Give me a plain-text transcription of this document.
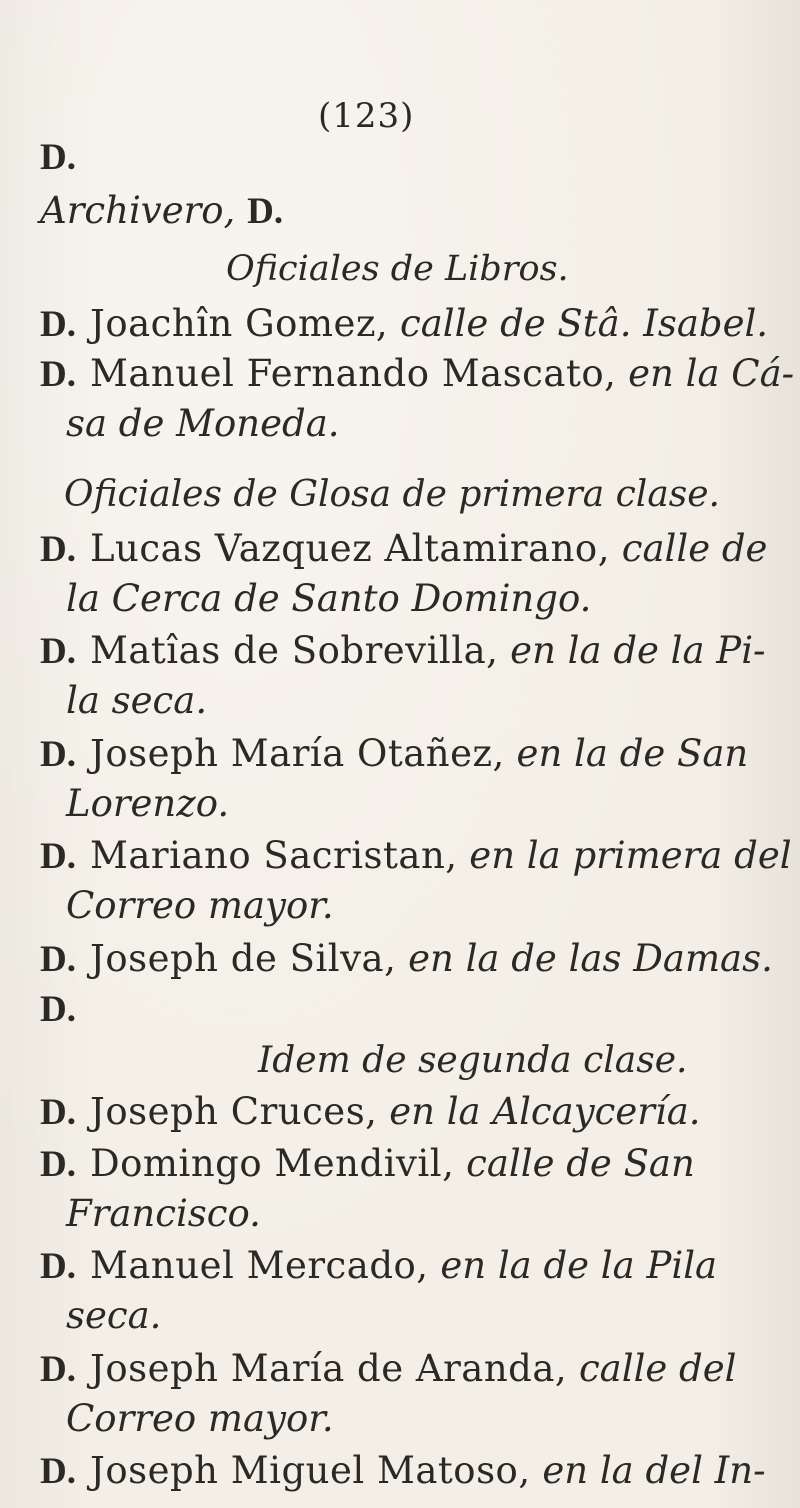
(123)
D.
Archivero, D.
Oficiales de Libros.
D. Joachîn Gomez, calle de Stâ. Isabel.
D. Manuel Fernando Mascato, en la Cá-
sa de Moneda.
Oficiales de Glosa de primera clase.
D. Lucas Vazquez Altamirano, calle de
la Cerca de Santo Domingo.
D. Matîas de Sobrevilla, en la de la Pi-
la seca.
D. Joseph María Otañez, en la de San
Lorenzo.
D. Mariano Sacristan, en la primera del
Correo mayor.
D. Joseph de Silva, en la de las Damas.
D.
Idem de segunda clase.
D. Joseph Cruces, en la Alcaycería.
D. Domingo Mendivil, calle de San
Francisco.
D. Manuel Mercado, en la de la Pila
seca.
D. Joseph María de Aranda, calle del
Correo mayor.
D. Joseph Miguel Matoso, en la del In-
